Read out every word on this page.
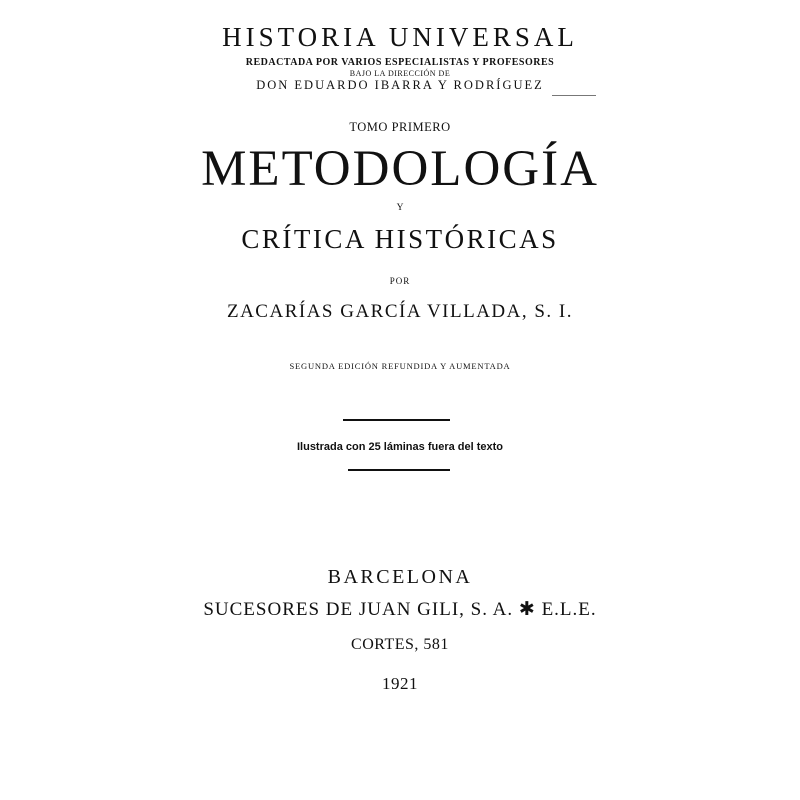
HISTORIA UNIVERSAL
REDACTADA POR VARIOS ESPECIALISTAS Y PROFESORES
BAJO LA DIRECCIÓN DE
DON EDUARDO IBARRA Y RODRÍGUEZ
TOMO PRIMERO
METODOLOGÍA
Y
CRÍTICA HISTÓRICAS
POR
ZACARÍAS GARCÍA VILLADA, S. I.
SEGUNDA EDICIÓN REFUNDIDA Y AUMENTADA
Ilustrada con 25 láminas fuera del texto
BARCELONA
SUCESORES DE JUAN GILI, S. A. ✱ E.L.E.
CORTES, 581
1921
